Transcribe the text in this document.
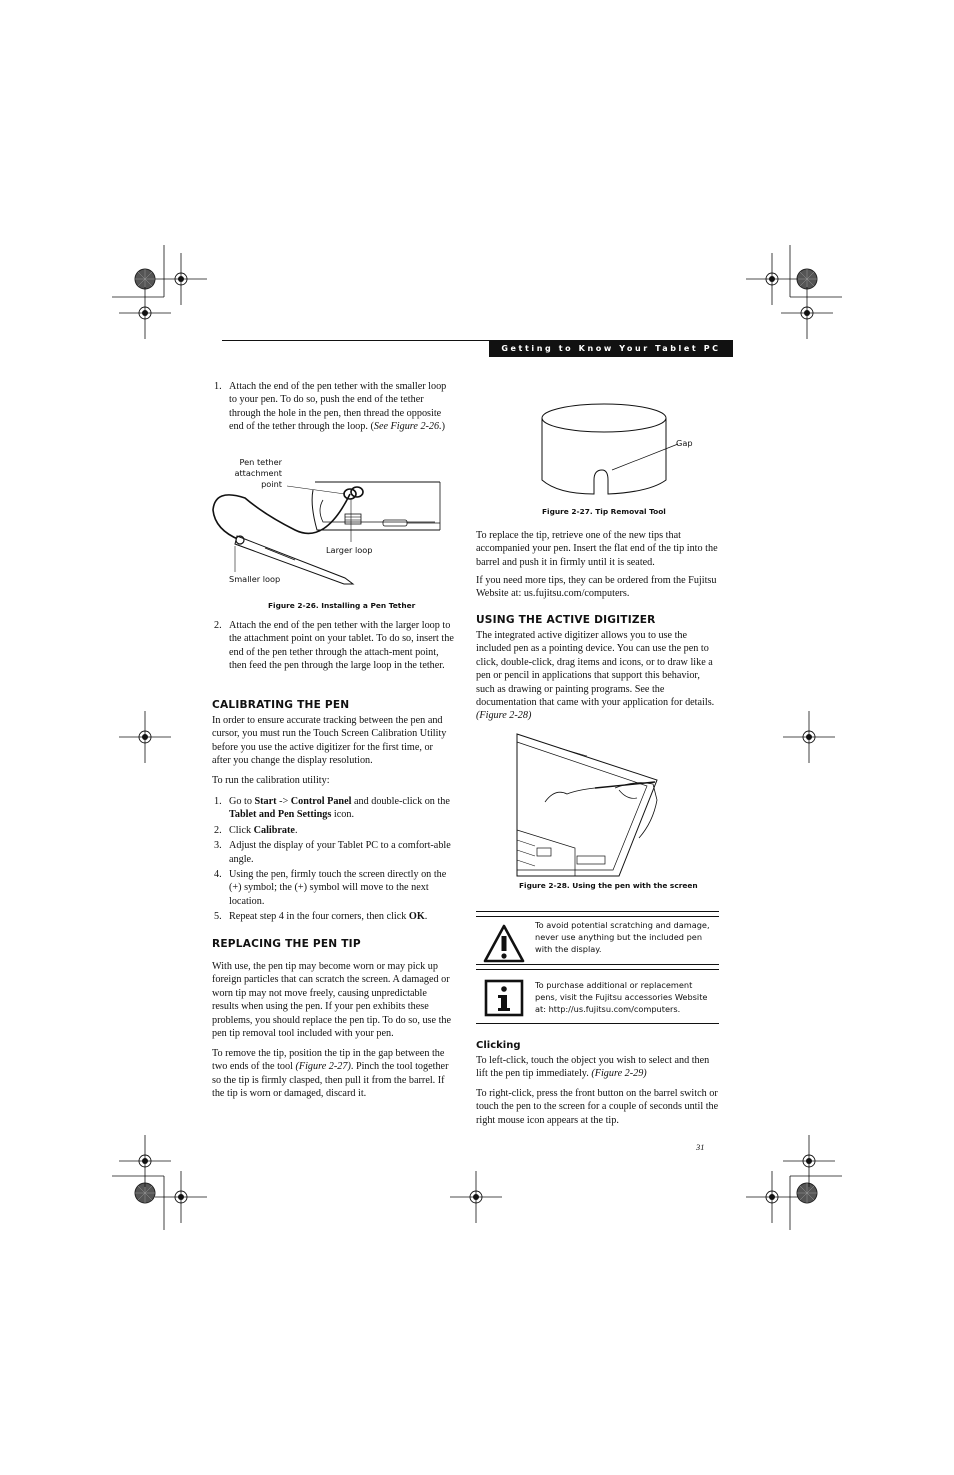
Getting to Know Your Tablet PC
1. Attach the end of the pen tether with the smaller loop to your pen. To do so, push the end of the tether through the hole in the pen, then thread the opposite end of the tether through the loop. (See Figure 2-26.)
Pen tether
attachment
point
Larger loop
Smaller loop
Figure 2-26. Installing a Pen Tether
2. Attach the end of the pen tether with the larger loop to the attachment point on your tablet. To do so, insert the end of the pen tether through the attach-ment point, then feed the pen through the large loop in the tether.
CALIBRATING THE PEN

In order to ensure accurate tracking between the pen and cursor, you must run the Touch Screen Calibration Utility before you use the active digitizer for the first time, or after you change the display resolution.

To run the calibration utility:

1. Go to Start -> Control Panel and double-click on the Tablet and Pen Settings icon.
2. Click Calibrate.
3. Adjust the display of your Tablet PC to a comfort-able angle.
4. Using the pen, firmly touch the screen directly on the (+) symbol; the (+) symbol will move to the next location.
5. Repeat step 4 in the four corners, then click OK.
REPLACING THE PEN TIP

With use, the pen tip may become worn or may pick up foreign particles that can scratch the screen. A damaged or worn tip may not move freely, causing unpredictable results when using the pen. If your pen exhibits these problems, you should replace the pen tip. To do so, use the pen tip removal tool included with your pen.

To remove the tip, position the tip in the gap between the two ends of the tool (Figure 2-27). Pinch the tool together so the tip is firmly clasped, then pull it from the barrel. If the tip is worn or damaged, discard it.

Gap
Figure 2-27. Tip Removal Tool

To replace the tip, retrieve one of the new tips that accompanied your pen. Insert the flat end of the tip into the barrel and push it in firmly until it is seated.

If you need more tips, they can be ordered from the Fujitsu Website at: us.fujitsu.com/computers.

USING THE ACTIVE DIGITIZER

The integrated active digitizer allows you to use the included pen as a pointing device. You can use the pen to click, double-click, drag items and icons, or to draw like a pen or pencil in applications that support this behavior, such as drawing or painting programs. See the documentation that came with your application for details. (Figure 2-28)

Figure 2-28. Using the pen with the screen
To avoid potential scratching and damage, never use anything but the included pen with the display.
To purchase additional or replacement pens, visit the Fujitsu accessories Website at: http://us.fujitsu.com/computers.
Clicking

To left-click, touch the object you wish to select and then lift the pen tip immediately. (Figure 2-29)

To right-click, press the front button on the barrel switch or touch the pen to the screen for a couple of seconds until the right mouse icon appears at the tip.

31
